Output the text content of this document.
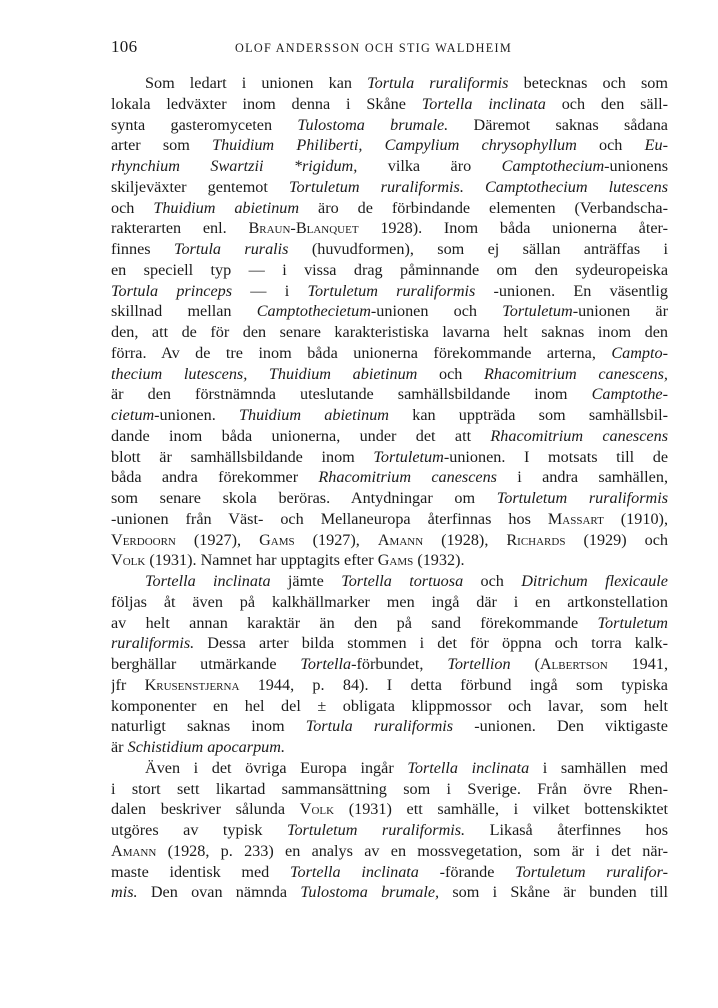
106	OLOF ANDERSSON OCH STIG WALDHEIM
Som ledart i unionen kan Tortula ruraliformis betecknas och som
lokala ledväxter inom denna i Skåne Tortella inclinata och den säll-
synta gasteromyceten Tulostoma brumale. Däremot saknas sådana
arter som Thuidium Philiberti, Campylium chrysophyllum och Eu-
rhynchium Swartzii *rigidum, vilka äro Camptothecium-unionens
skiljeväxter gentemot Tortuletum ruraliformis. Camptothecium lutescens
och Thuidium abietinum äro de förbindande elementen (Verbandscha-
rakterarten enl. Braun-Blanquet 1928). Inom båda unionerna åter-
finnes Tortula ruralis (huvudformen), som ej sällan anträffas i
en speciell typ — i vissa drag påminnande om den sydeuropeiska
Tortula princeps — i Tortuletum ruraliformis -unionen. En väsentlig
skillnad mellan Camptothecietum-unionen och Tortuletum-unionen är
den, att de för den senare karakteristiska lavarna helt saknas inom den
förra. Av de tre inom båda unionerna förekommande arterna, Campto-
thecium lutescens, Thuidium abietinum och Rhacomitrium canescens,
är den förstnämnda uteslutande samhällsbildande inom Camptothe-
cietum-unionen. Thuidium abietinum kan uppträda som samhällsbil-
dande inom båda unionerna, under det att Rhacomitrium canescens
blott är samhällsbildande inom Tortuletum-unionen. I motsats till de
båda andra förekommer Rhacomitrium canescens i andra samhällen,
som senare skola beröras. Antydningar om Tortuletum ruraliformis
-unionen från Väst- och Mellaneuropa återfinnas hos Massart (1910),
Verdoorn (1927), Gams (1927), Amann (1928), Richards (1929) och
Volk (1931). Namnet har upptagits efter Gams (1932).
Tortella inclinata jämte Tortella tortuosa och Ditrichum flexicaule
följas åt även på kalkhällmarker men ingå där i en artkonstellation
av helt annan karaktär än den på sand förekommande Tortuletum
ruraliformis. Dessa arter bilda stommen i det för öppna och torra kalk-
berghällar utmärkande Tortella-förbundet, Tortellion (Albertson 1941,
jfr Krusenstjerna 1944, p. 84). I detta förbund ingå som typiska
komponenter en hel del ± obligata klippmossor och lavar, som helt
naturligt saknas inom Tortula ruraliformis -unionen. Den viktigaste
är Schistidium apocarpum.
Även i det övriga Europa ingår Tortella inclinata i samhällen med
i stort sett likartad sammansättning som i Sverige. Från övre Rhen-
dalen beskriver sålunda Volk (1931) ett samhälle, i vilket bottenskiktet
utgöres av typisk Tortuletum ruraliformis. Likaså återfinnes hos
Amann (1928, p. 233) en analys av en mossvegetation, som är i det när-
maste identisk med Tortella inclinata -förande Tortuletum ruralifor-
mis. Den ovan nämnda Tulostoma brumale, som i Skåne är bunden till
